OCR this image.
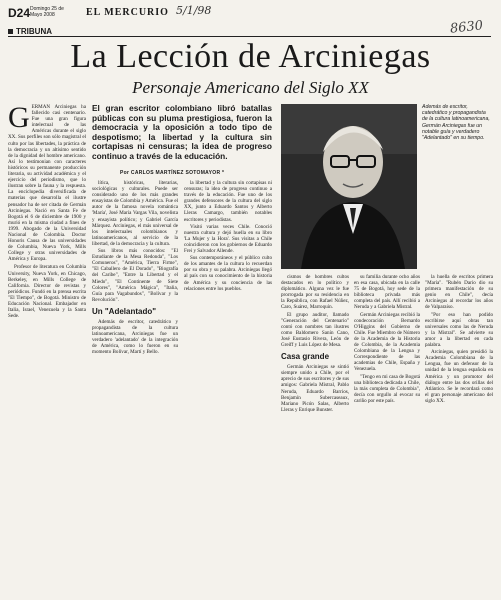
D24 Domingo 25 de Mayo 2008	EL MERCURIO 5/1/98
8630
TRIBUNA
La Lección de Arciniegas
Personaje Americano del Siglo XX
G ERMAN Arciniegas ha fallecido casi centenario. Fue una gran figura intelectual de las Américas durante el siglo XX. Sus perfiles son sólo magistral el culto por las libertades, la práctica de la democracia y un altísimo sentido de la dignidad del hombre americano. Así lo testimonian con caracteres históricos su permanente producción literaria, su actividad académica y el ejercicio del periodismo, que lo ilustran sobre la fauna y la respuesta. La enciclopedia diversificada de materias que desarrolla el ilustre pensador ha de ser citada de Germán Arciniegas. Nació en Santa Fe de Bogotá el 6 de diciembre de 1900 y murió en la misma ciudad a fines de 1999. Abogado de la Universidad Nacional de Colombia. Doctor Honoris Causa de las universidades de Columbia, Nueva York, Mills College y otras universidades de América y Europa.

Profesor de literatura en Columbia University, Nueva York, en Chicago, Berkeley, en Mills College de California. Director de revistas y periódicos. Fundó en la prensa escrita "El Tiempo", de Bogotá. Ministro de Educación Nacional. Embajador en Italia, Israel, Venezuela y la Santa Sede.

El gran escritor colombiano libró batallas públicas con su pluma prestigiosa, fueron la democracia y la oposición a todo tipo de despotismo; la libertad y la cultura sin cortapisas ni censuras; la idea de progreso continuo a través de la educación.
Por CARLOS MARTÍNEZ SOTOMAYOR *

lítica, históricas, literarias, sociológicas y culturales. Puede ser considerado uno de los más grandes ensayistas de Colombia y América. Fue el autor de la famosa novela romántica 'María', José María Vargas Vila, novelista y ensayista político; y Gabriel García Márquez. Arciniegas, el más universal de los intelectuales colombianos y latinoamericanos, al servicio de la libertad, de la democracia y la cultura.

Sus libros más conocidos: "El Estudiante de la Mesa Redonda", "Los Comuneros", "América, Tierra Firme", "El Caballero de El Dorado", "Biografía del Caribe", "Entre la Libertad y el Miedo", "El Continente de Siete Colores", "América Mágica", "Italia, Guía para Vagabundos", "Bolívar y la Revolución".

Un "Adelantado"

Además de escritor, catedrático y propagandista de la cultura latinoamericana, Arciniegas fue un verdadero 'adelantado' de la integración de América, como lo fueron en su momento Bolívar, Martí y Bello.

la libertad y la cultura sin cortapisas ni censuras; la idea de progreso continuo a través de la educación. Fue uno de los grandes defensores de la cultura del siglo XX, junto a Eduardo Santos y Alberto Lleras Camargo, también notables escritores y periodistas.

Visitó varias veces Chile. Conoció nuestra cultura y dejó huella en su libro 'La Mujer y la Hora'. Sus visitas a Chile coincidieron con los gobiernos de Eduardo Frei y Salvador Allende.

Sus contemporáneos y el público culto de los amantes de la cultura lo recuerdan por su obra y su palabra. Arciniegas llegó al país con su conocimiento de la historia de América y su conciencia de las relaciones entre los pueblos.

Además de escritor, catedrático y propagandista de la cultura latinoamericana, Germán Arciniegas fue un notable guía y verdadero "Adelantado" en su tiempo.

cismos de hombres cultos destacados en lo político y diplomático. Alguna vez le fue prorrogada por su residencia en la República, con Rafael Núñez, Caro, Suárez, Marroquín.

El grupo auditor, llamado "Generación del Centenario" contó con nombres tan ilustres como Baldomero Sanín Cano, José Eustasio Rivera, León de Greiff y Luis López de Mesa.

Casa grande

Germán Arciniegas se sintió siempre unido a Chile, por el aprecio de sus escritores y de sus amigos: Gabriela Mistral, Pablo Neruda, Eduardo Barrios, Benjamín Subercaseaux, Mariano Picón Salas, Alberto Lleras y Enrique Bunster.

su familia durante ocho años en esa casa, ubicada en la calle 75 de Bogotá, hoy sede de la biblioteca privada más completa del país. Allí recibió a Neruda y a Gabriela Mistral.

Germán Arciniegas recibió la condecoración Bernardo O'Higgins del Gobierno de Chile. Fue Miembro de Número de la Academia de la Historia de Colombia, de la Academia Colombiana de la Lengua y Correspondiente de las academias de Chile, España y Venezuela.

"Tengo en mi casa de Bogotá una biblioteca dedicada a Chile, la más completa de Colombia", decía con orgullo al evocar su cariño por este país.

la huella de escritos primera "María". "Rubén Darío dio su primera manifestación de su genio en Chile", decía Arciniegas al recordar los años de Valparaíso.

"Por eso han podido escribirse aquí obras tan universales como las de Neruda y la Mistral". Se advierte su amor a la libertad en cada palabra.

Arciniegas, quien presidió la Academia Colombiana de la Lengua, fue un defensor de la unidad de la lengua española en América y un promotor del diálogo entre las dos orillas del Atlántico. Se le recordará como el gran personaje americano del siglo XX.
